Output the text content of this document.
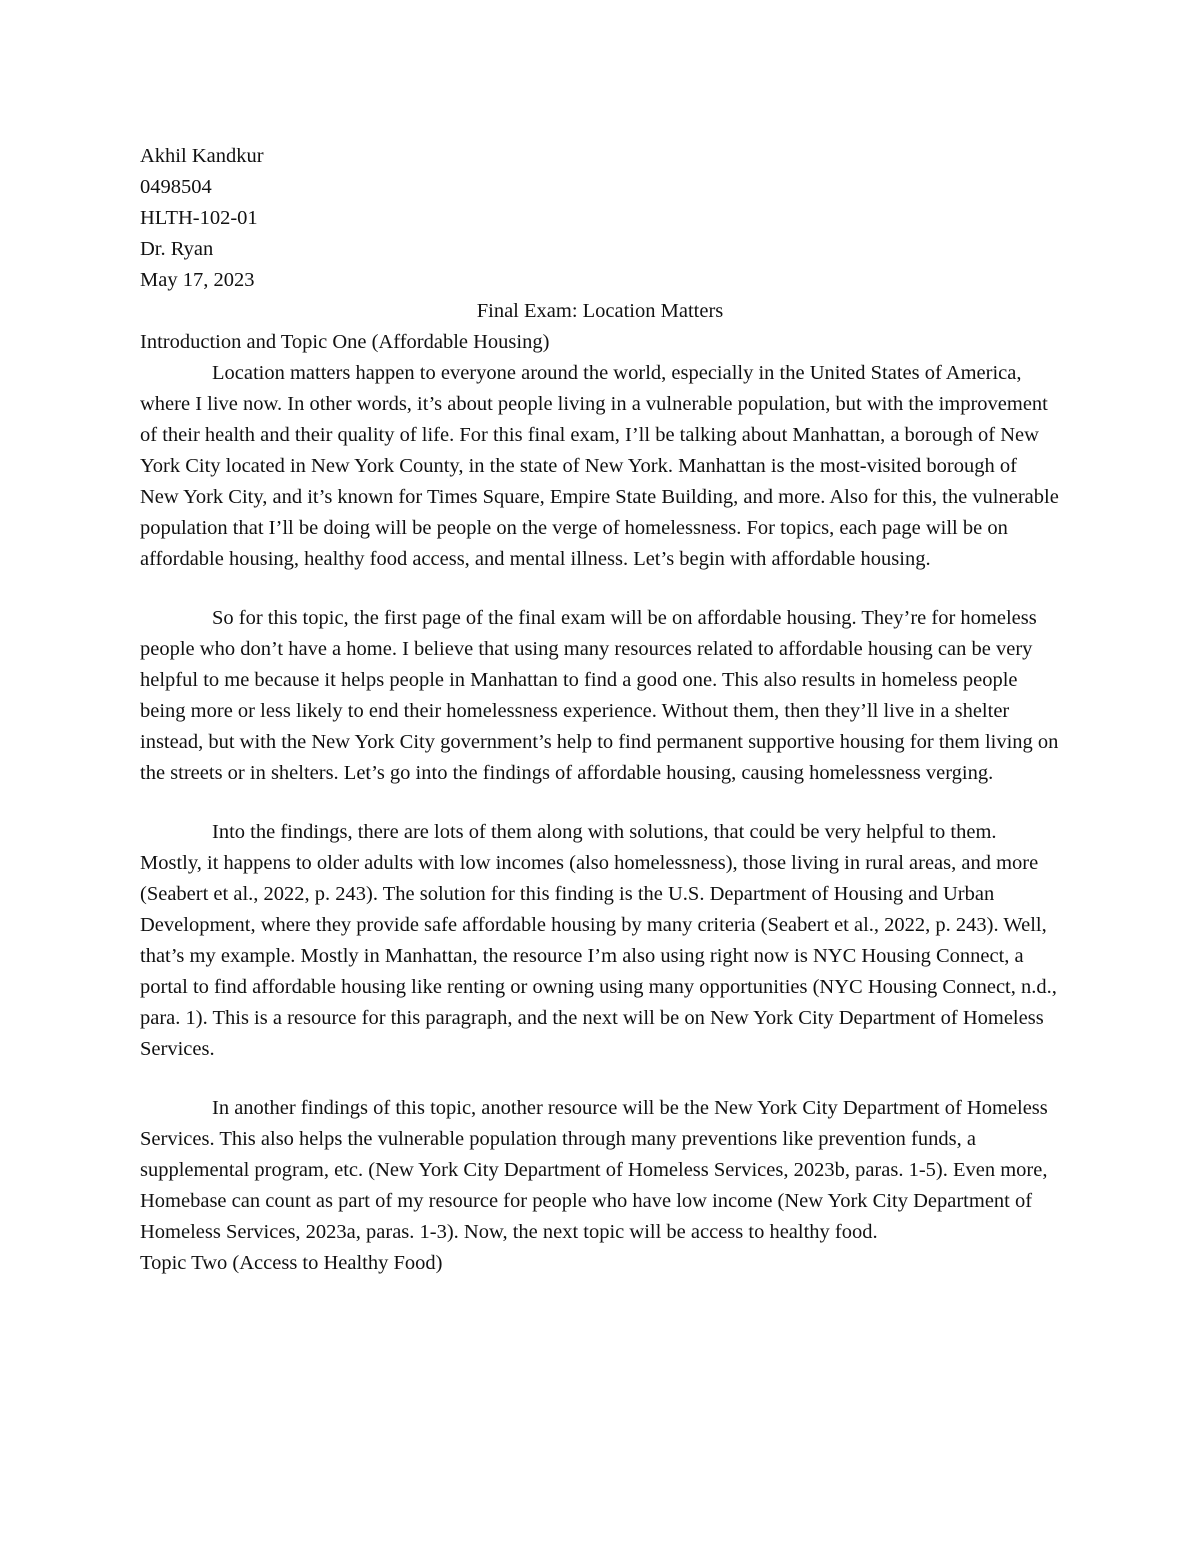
Akhil Kandkur

0498504

HLTH-102-01

Dr. Ryan

May 17, 2023

Final Exam: Location Matters

Introduction and Topic One (Affordable Housing)

Location matters happen to everyone around the world, especially in the United States of America, where I live now. In other words, it’s about people living in a vulnerable population, but with the improvement of their health and their quality of life. For this final exam, I’ll be talking about Manhattan, a borough of New York City located in New York County, in the state of New York. Manhattan is the most-visited borough of New York City, and it’s known for Times Square, Empire State Building, and more. Also for this, the vulnerable population that I’ll be doing will be people on the verge of homelessness. For topics, each page will be on affordable housing, healthy food access, and mental illness. Let’s begin with affordable housing.

So for this topic, the first page of the final exam will be on affordable housing. They’re for homeless people who don’t have a home. I believe that using many resources related to affordable housing can be very helpful to me because it helps people in Manhattan to find a good one. This also results in homeless people being more or less likely to end their homelessness experience. Without them, then they’ll live in a shelter instead, but with the New York City government’s help to find permanent supportive housing for them living on the streets or in shelters. Let’s go into the findings of affordable housing, causing homelessness verging.

Into the findings, there are lots of them along with solutions, that could be very helpful to them. Mostly, it happens to older adults with low incomes (also homelessness), those living in rural areas, and more (Seabert et al., 2022, p. 243). The solution for this finding is the U.S. Department of Housing and Urban Development, where they provide safe affordable housing by many criteria (Seabert et al., 2022, p. 243). Well, that’s my example. Mostly in Manhattan, the resource I’m also using right now is NYC Housing Connect, a portal to find affordable housing like renting or owning using many opportunities (NYC Housing Connect, n.d., para. 1). This is a resource for this paragraph, and the next will be on New York City Department of Homeless Services.

In another findings of this topic, another resource will be the New York City Department of Homeless Services. This also helps the vulnerable population through many preventions like prevention funds, a supplemental program, etc. (New York City Department of Homeless Services, 2023b, paras. 1-5). Even more, Homebase can count as part of my resource for people who have low income (New York City Department of Homeless Services, 2023a, paras. 1-3). Now, the next topic will be access to healthy food.

Topic Two (Access to Healthy Food)
